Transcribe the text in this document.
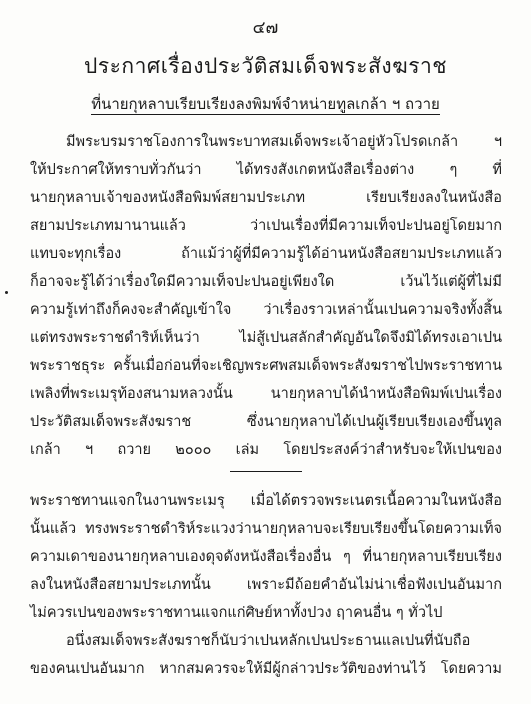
๔๗
ประกาศเรื่องประวัติสมเด็จพระสังฆราช
ที่นายกุหลาบเรียบเรียงลงพิมพ์จำหน่ายทูลเกล้า ฯ ถวาย
มีพระบรมราชโองการในพระบาทสมเด็จพระเจ้าอยู่หัวโปรดเกล้า ฯ
ให้ประกาศให้ทราบทั่วกันว่า ได้ทรงสังเกตหนังสือเรื่องต่าง ๆ ที่
นายกุหลาบเจ้าของหนังสือพิมพ์สยามประเภท เรียบเรียงลงในหนังสือ
สยามประเภทมานานแล้ว ว่าเปนเรื่องที่มีความเท็จปะปนอยู่โดยมาก
แทบจะทุกเรื่อง ถ้าแม้ว่าผู้ที่มีความรู้ได้อ่านหนังสือสยามประเภทแล้ว
ก็อาจจะรู้ได้ว่าเรื่องใดมีความเท็จปะปนอยู่เพียงใด เว้นไว้แต่ผู้ที่ไม่มี
ความรู้เท่าถึงก็คงจะสำคัญเข้าใจ ว่าเรื่องราวเหล่านั้นเปนความจริงทั้งสิ้น
แต่ทรงพระราชดำริห์เห็นว่า ไม่สู้เปนสลักสำคัญอันใดจึงมิได้ทรงเอาเปน
พระราชธุระ ครั้นเมื่อก่อนที่จะเชิญพระศพสมเด็จพระสังฆราชไปพระราชทาน
เพลิงที่พระเมรุท้องสนามหลวงนั้น นายกุหลาบได้นำหนังสือพิมพ์เปนเรื่อง
ประวัติสมเด็จพระสังฆราช ซึ่งนายกุหลาบได้เปนผู้เรียบเรียงเองขึ้นทูล
เกล้า ฯ ถวาย ๒๐๐๐ เล่ม โดยประสงค์ว่าสำหรับจะให้เปนของ
พระราชทานแจกในงานพระเมรุ เมื่อได้ตรวจพระเนตรเนื้อความในหนังสือ
นั้นแล้ว ทรงพระราชดำริห์ระแวงว่านายกุหลาบจะเรียบเรียงขึ้นโดยความเท็จ
ความเดาของนายกุหลาบเองดุจดังหนังสือเรื่องอื่น ๆ ที่นายกุหลาบเรียบเรียง
ลงในหนังสือสยามประเภทนั้น เพราะมีถ้อยคำอันไม่น่าเชื่อฟังเปนอันมาก
ไม่ควรเปนของพระราชทานแจกแก่ศิษย์หาทั้งปวง ฤาคนอื่น ๆ ทั่วไป
อนึ่งสมเด็จพระสังฆราชก็นับว่าเปนหลักเปนประธานแลเปนที่นับถือ
ของคนเปนอันมาก หากสมควรจะให้มีผู้กล่าวประวัติของท่านไว้ โดยความ
